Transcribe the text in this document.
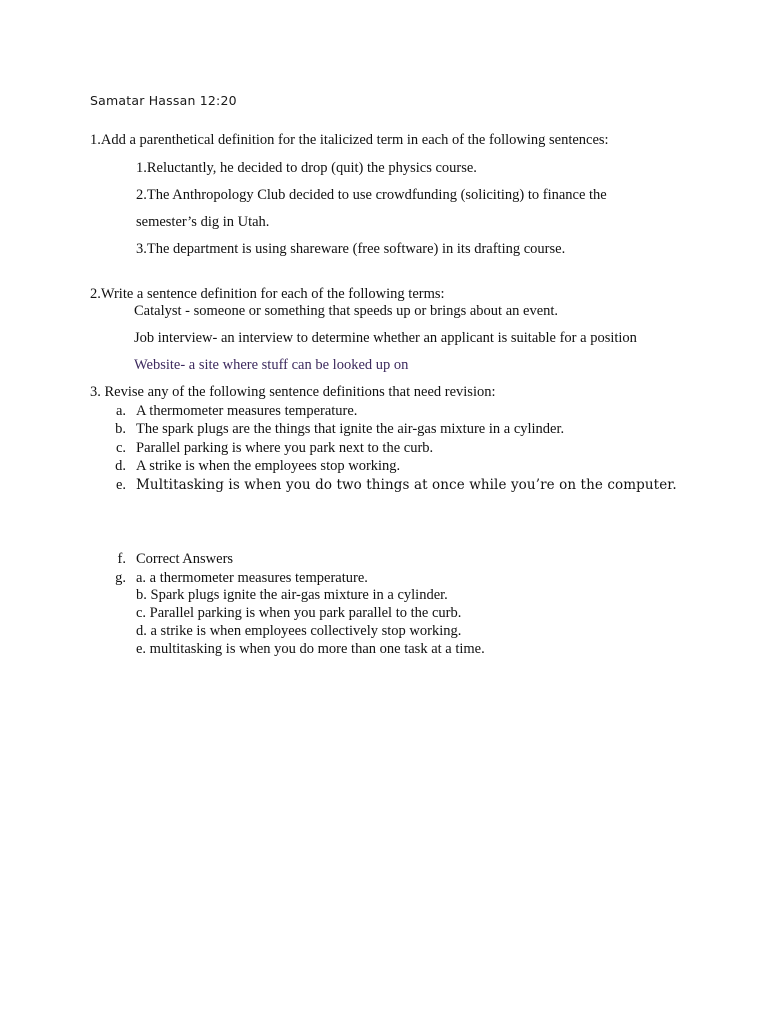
Samatar Hassan 12:20
1.Add a parenthetical definition for the italicized term in each of the following sentences:
1.Reluctantly, he decided to drop (quit) the physics course.
2.The Anthropology Club decided to use crowdfunding (soliciting) to finance the
semester’s dig in Utah.
3.The department is using shareware (free software) in its drafting course.
2.Write a sentence definition for each of the following terms:
Catalyst - someone or something that speeds up or brings about an event.
Job interview- an interview to determine whether an applicant is suitable for a position
Website- a site where stuff can be looked up on
3. Revise any of the following sentence definitions that need revision:
a. A thermometer measures temperature.
b. The spark plugs are the things that ignite the air-gas mixture in a cylinder.
c. Parallel parking is where you park next to the curb.
d. A strike is when the employees stop working.
e. Multitasking is when you do two things at once while you’re on the computer.
f. Correct Answers
g. a. a thermometer measures temperature.
b. Spark plugs ignite the air-gas mixture in a cylinder.
c. Parallel parking is when you park parallel to the curb.
d. a strike is when employees collectively stop working.
e. multitasking is when you do more than one task at a time.
